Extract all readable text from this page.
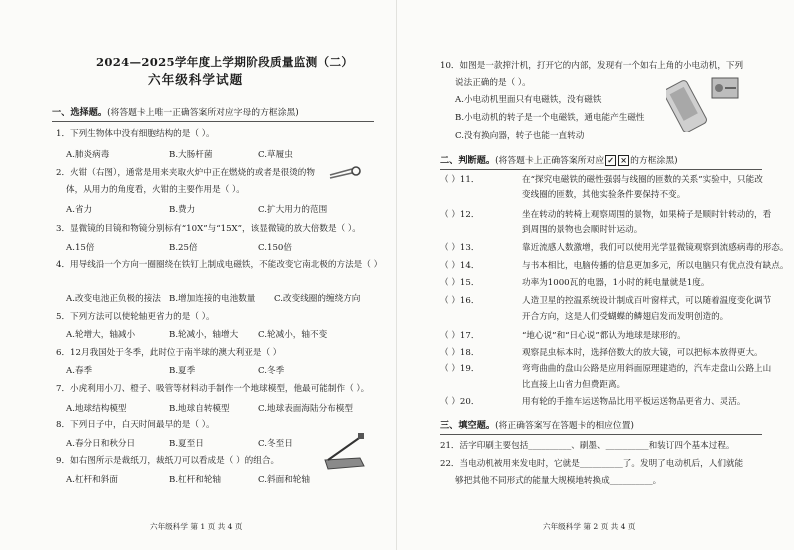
2024—2025学年度上学期阶段质量监测（二）
六年级科学试题
一、选择题。(将答题卡上唯一正确答案所对应字母的方框涂黑)
1．下列生物体中没有细胞结构的是（ ）。
A.肺炎病毒	B.大肠杆菌	C.草履虫
2．火钳（右图），通常是用来夹取火炉中正在燃烧的或者是很烫的物
体，从用力的角度看，火钳的主要作用是（ ）。
A.省力	B.费力	C.扩大用力的范围
3．显微镜的目镜和物镜分别标有“10X”与“15X”，该显微镜的放大倍数是（ ）。
A.15倍	B.25倍	C.150倍
4．用导线沿一个方向一圈圈绕在铁钉上制成电磁铁，不能改变它南北极的方法是（ ）
A.改变电池正负极的接法 B.增加连接的电池数量 C.改变线圈的缠绕方向
5．下列方法可以使轮轴更省力的是（ ）。
A.轮增大，轴减小	B.轮减小，轴增大 C.轮减小，轴不变
6．12月我国处于冬季，此时位于南半球的澳大利亚是（ ）
A.春季	B.夏季	C.冬季
7．小虎利用小刀、橙子、吸管等材料动手制作一个地球模型，他最可能制作（ ）。
A.地球结构模型	B.地球自转模型	C.地球表面海陆分布模型
8．下列日子中，白天时间最早的是（ ）。
A.春分日和秋分日	B.夏至日	C.冬至日
9．如右图所示是裁纸刀，裁纸刀可以看成是（ ）的组合。
A.杠杆和斜面	B.杠杆和轮轴	C.斜面和轮轴
六年级科学 第 1 页 共 4 页
10．如图是一款搾汁机，打开它的内部，发现有一个如右上角的小电动机，下列
说法正确的是（ ）。
A.小电动机里面只有电磁铁，没有磁铁
B.小电动机的转子是一个电磁铁，通电能产生磁性
C.没有换向器，转子也能一直转动
二、判断题。(将答题卡上正确答案所对应 ✓ × 的方框涂黑)
（ ）11．	在“探究电磁铁的磁性强弱与线圈的匝数的关系”实验中，只能改
变线圈的匝数，其他实验条件要保持不变。
（ ）12．	坐在转动的转椅上观察周围的景物，如果椅子是顺时针转动的，看
到周围的景物也会顺时针运动。
（ ）13．	靠近流感人数激增，我们可以使用光学显微镜观察到流感病毒的形态。
（ ）14．	与书本相比，电脑传播的信息更加多元，所以电脑只有优点没有缺点。
（ ）15．	功率为1000瓦的电器，1小时的耗电量就是1度。
（ ）16．	人造卫星的控温系统设计制成百叶窗样式，可以随着温度变化调节
开合方向，这是人们受蝴蝶的鳞翅启发而发明创造的。
（ ）17．	“地心说”和“日心说”都认为地球是球形的。
（ ）18．	观察昆虫标本时，选择倍数大的放大镜，可以把标本放得更大。
（ ）19．	弯弯曲曲的盘山公路是应用斜面原理建造的，汽车走盘山公路上山
比直接上山省力但费距离。
（ ）20．	用有轮的手推车运送物品比用平板运送物品更省力、灵活。
三、填空题。(将正确答案写在答题卡的相应位置)
21．活字印刷主要包括__________、刷墨、__________和装订四个基本过程。
22．当电动机被用来发电时，它就是__________了。发明了电动机后，人们就能
够把其他不同形式的能量大规模地转换成__________。
六年级科学 第 2 页 共 4 页
